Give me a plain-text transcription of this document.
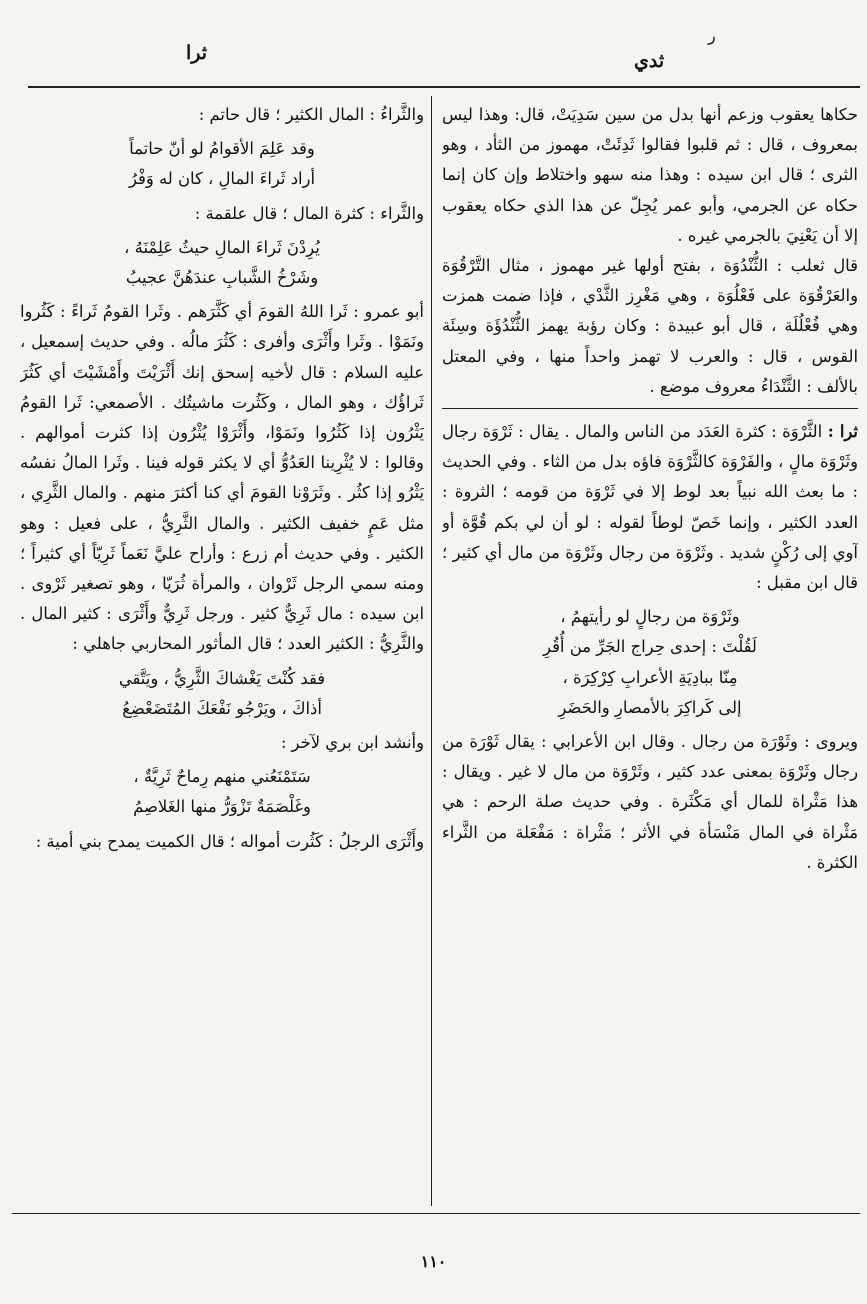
ر
ثرا	ثدي

حكاها يعقوب وزعم أنها بدل من سين سَدِيَتْ، قال: وهذا ليس بمعروف ، قال : ثم قلبوا فقالوا ثَدِئَتْ، مهموز من الثأد ، وهو الثرى ؛ قال ابن سيده : وهذا منه سهو واختلاط وإن كان إنما حكاه عن الجرمي، وأبو عمر يُجِلّ عن هذا الذي حكاه يعقوب إلا أن يَعْنِيَ بالجرمي غيره .

قال ثعلب : الثُّنْدُوَة ، بفتح أولها غير مهموز ، مثال التَّرْقُوَة والعَرْقُوَة على فَعْلُوَة ، وهي مَغْرِز الثَّدْي ، فإذا ضمت همزت وهي فُعْلُلَة ، قال أبو عبيدة : وكان رؤبة يهمز الثُّنْدُؤَة وسِئَة القوس ، قال : والعرب لا تهمز واحداً منها ، وفي المعتل بالألف : الثَّنْدَاءُ معروف موضع .

ثرا : الثَّرْوَة : كثرة العَدَد من الناس والمال . يقال : ثَرْوَة رجال وثَرْوَة مالٍ ، والفَرْوَة كالثَّرْوَة فاؤه بدل من الثاء . وفي الحديث : ما بعث الله نبياً بعد لوط إلا في ثَرْوَة من قومه ؛ الثروة : العدد الكثير ، وإنما خَصّ لوطاً لقوله : لو أن لي بكم قُوَّة أو آوي إلى رُكْنٍ شديد . وثَرْوَة من رجال وثَرْوَة من مال أي كثير ؛ قال ابن مقبل :

وثَرْوَة من رجالٍ لو رأيتهمُ ،

لَقُلْتَ : إحدى حِراج الجَرِّ من أُقُرِ

مِنّا ببادِيَةِ الأعرابِ كِرْكِرَة ،

إلى كَراكِرَ بالأمصارِ والحَضَرِ

ويروى : وثَوْرَة من رجال . وقال ابن الأعرابي : يقال ثَوْرَة من رجال وثَرْوَة بمعنى عدد كثير ، وثَرْوَة من مال لا غير . ويقال : هذا مَثْراة للمال أي مَكْثَرة . وفي حديث صلة الرحم : هي مَثْراة في المال مَنْسَأة في الأثر ؛ مَثْراة : مَفْعَلة من الثَّراء الكثرة .

والثَّراءُ : المال الكثير ؛ قال حاتم :

وقد عَلِمَ الأقوامُ لو أنّ حاتماً

أراد ثَراءَ المالِ ، كان له وَفْرُ

والثَّراء : كثرة المال ؛ قال علقمة :

يُرِدْنَ ثَراءَ المالِ حيثُ عَلِمْنَهُ ،

وشَرْخُ الشَّبابِ عندَهُنَّ عجيبُ

أبو عمرو : ثَرا اللهُ القومَ أي كَثَّرَهم . وثَرا القومُ ثَراءً : كَثُروا ونَمَوْا . وثَرا وأَثْرَى وأفرى : كَثُرَ مالُه . وفي حديث إسمعيل ، عليه السلام : قال لأخيه إسحق إنك أَثْرَيْتَ وأَمْشَيْتَ أي كَثُرَ ثَراؤُك ، وهو المال ، وكَثُرت ماشيتُك . الأصمعي: ثَرا القومُ يَثْرُون إذا كَثُرُوا ونَمَوْا، وأَثْرَوْا يُثْرُون إذا كثرت أموالهم . وقالوا : لا يُثْرِينا العَدُوُّ أي لا يكثر قوله فينا . وثَرا المالُ نفسُه يَثْرُو إذا كثُر . وثَرَوْنا القومَ أي كنا أكثرَ منهم . والمال الثَّرِي ، مثل عَمٍ خفيف الكثير . والمال الثَّرِيُّ ، على فعيل : وهو الكثير . وفي حديث أم زرع : وأراح عليَّ نَعَماً ثَرِيّاً أي كثيراً ؛ ومنه سمي الرجل ثَرْوان ، والمرأة ثُرَيّا ، وهو تصغير ثَرْوى . ابن سيده : مال ثَرِيٌّ كثير . ورجل ثَرِيٌّ وأَثْرَى : كثير المال . والثَّرِيُّ : الكثير العدد ؛ قال المأثور المحاربي جاهلي :

فقد كُنْتَ يَغْشاكَ الثَّرِيُّ ، ويَتَّقي

أذاكَ ، ويَرْجُو نَفْعَكَ المُتَضَعْضِعُ

وأنشد ابن بري لآخر :

سَتَمْنَعُني منهم رِماحٌ ثَرِيَّةٌ ،

وغَلْصَمَةٌ تَزْوَرُّ منها الغَلاصِمُ

وأَثْرَى الرجلُ : كَثُرت أمواله ؛ قال الكميت يمدح بني أمية :

١١٠
